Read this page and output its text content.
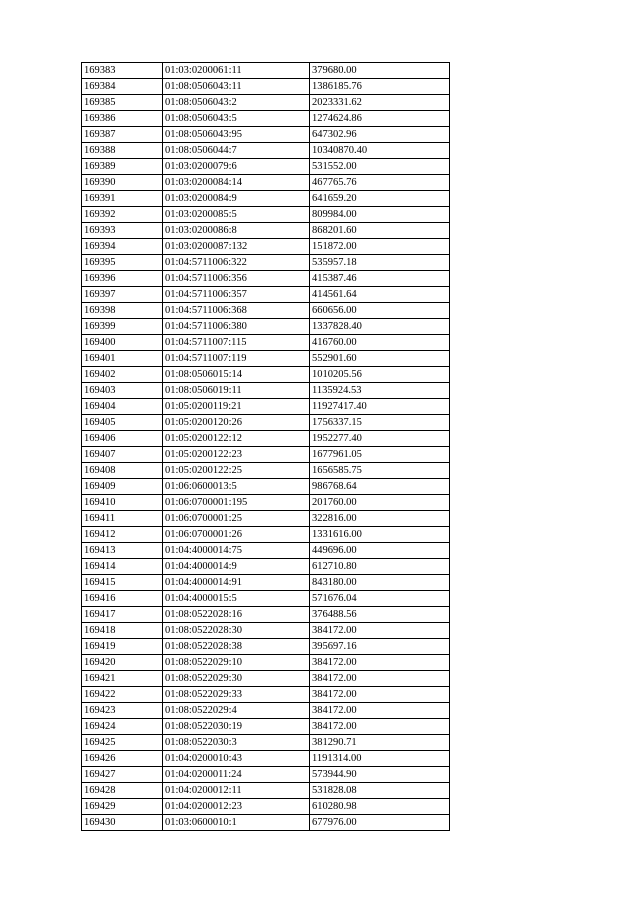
169383	01:03:0200061:11	379680.00
169384	01:08:0506043:11	1386185.76
169385	01:08:0506043:2	2023331.62
169386	01:08:0506043:5	1274624.86
169387	01:08:0506043:95	647302.96
169388	01:08:0506044:7	10340870.40
169389	01:03:0200079:6	531552.00
169390	01:03:0200084:14	467765.76
169391	01:03:0200084:9	641659.20
169392	01:03:0200085:5	809984.00
169393	01:03:0200086:8	868201.60
169394	01:03:0200087:132	151872.00
169395	01:04:5711006:322	535957.18
169396	01:04:5711006:356	415387.46
169397	01:04:5711006:357	414561.64
169398	01:04:5711006:368	660656.00
169399	01:04:5711006:380	1337828.40
169400	01:04:5711007:115	416760.00
169401	01:04:5711007:119	552901.60
169402	01:08:0506015:14	1010205.56
169403	01:08:0506019:11	1135924.53
169404	01:05:0200119:21	11927417.40
169405	01:05:0200120:26	1756337.15
169406	01:05:0200122:12	1952277.40
169407	01:05:0200122:23	1677961.05
169408	01:05:0200122:25	1656585.75
169409	01:06:0600013:5	986768.64
169410	01:06:0700001:195	201760.00
169411	01:06:0700001:25	322816.00
169412	01:06:0700001:26	1331616.00
169413	01:04:4000014:75	449696.00
169414	01:04:4000014:9	612710.80
169415	01:04:4000014:91	843180.00
169416	01:04:4000015:5	571676.04
169417	01:08:0522028:16	376488.56
169418	01:08:0522028:30	384172.00
169419	01:08:0522028:38	395697.16
169420	01:08:0522029:10	384172.00
169421	01:08:0522029:30	384172.00
169422	01:08:0522029:33	384172.00
169423	01:08:0522029:4	384172.00
169424	01:08:0522030:19	384172.00
169425	01:08:0522030:3	381290.71
169426	01:04:0200010:43	1191314.00
169427	01:04:0200011:24	573944.90
169428	01:04:0200012:11	531828.08
169429	01:04:0200012:23	610280.98
169430	01:03:0600010:1	677976.00
